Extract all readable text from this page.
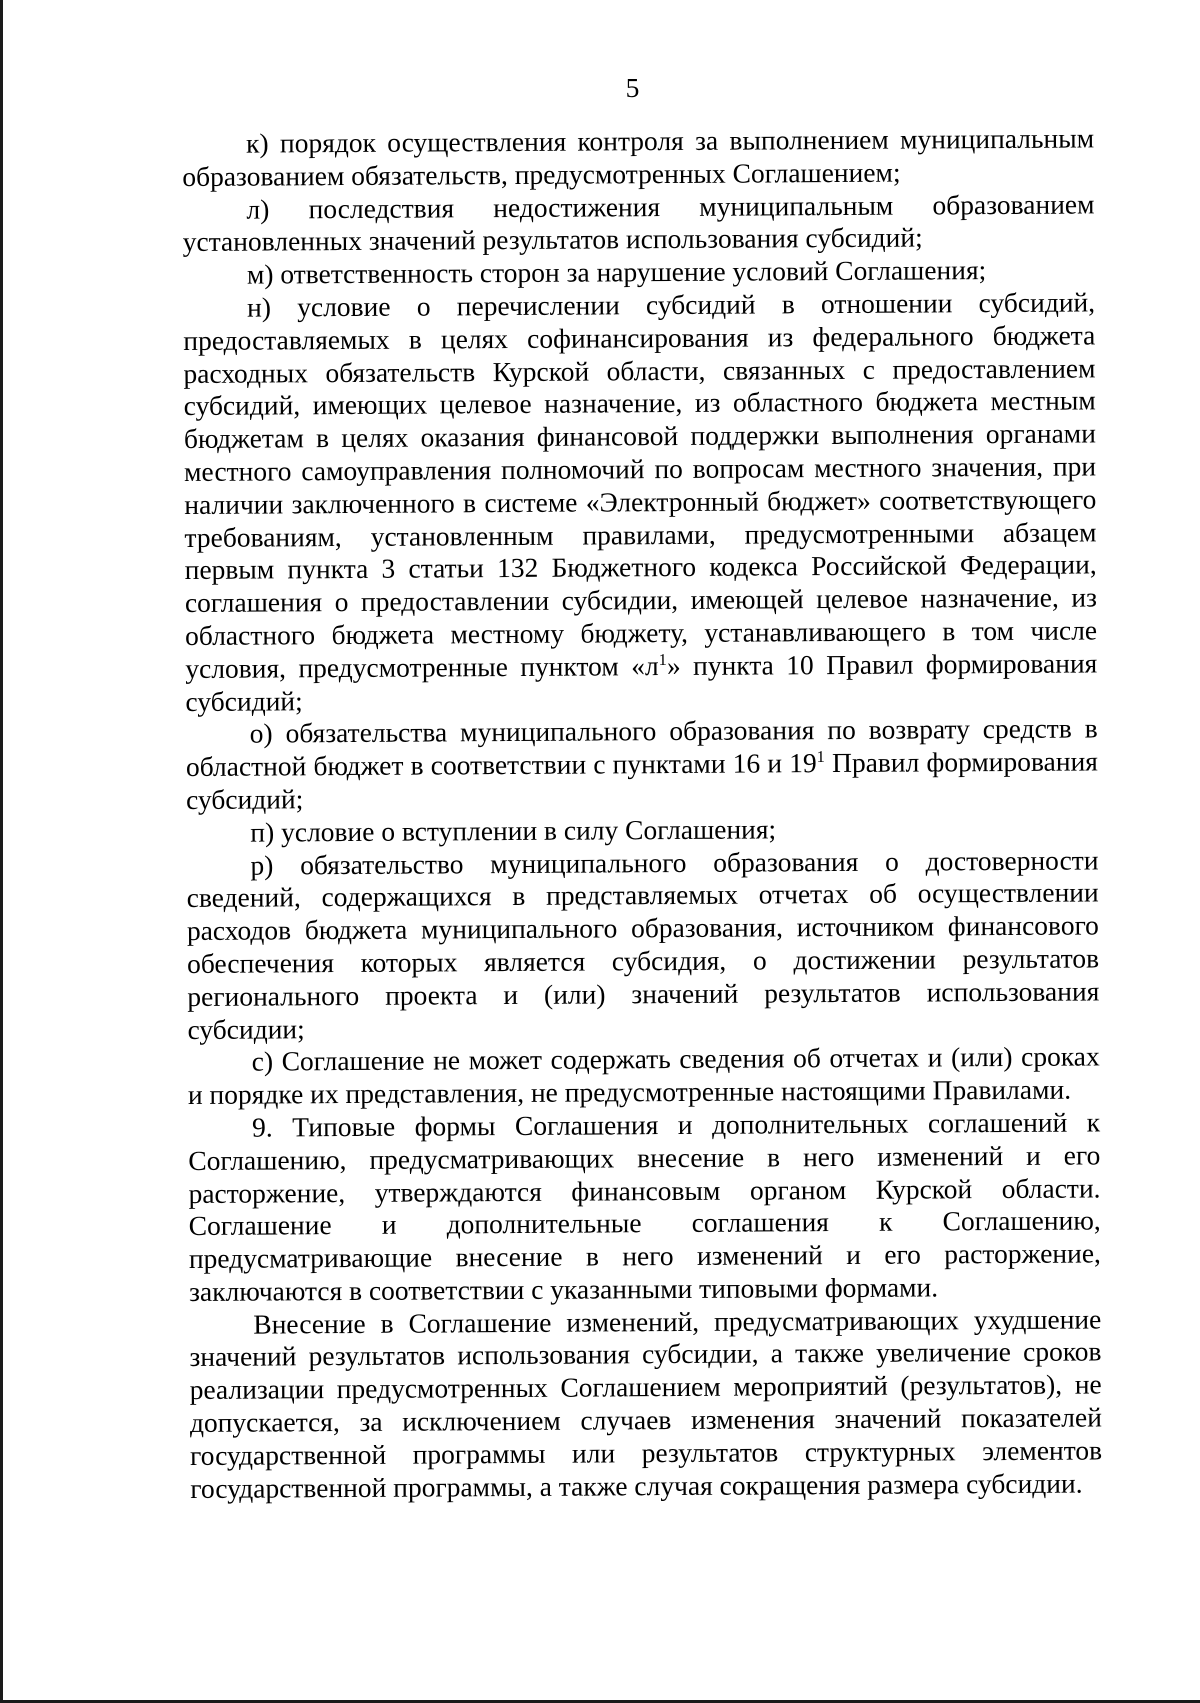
5

к) порядок осуществления контроля за выполнением муниципальным образованием обязательств, предусмотренных Соглашением;

л) последствия недостижения муниципальным образованием установленных значений результатов использования субсидий;

м) ответственность сторон за нарушение условий Соглашения;

н) условие о перечислении субсидий в отношении субсидий, предоставляемых в целях софинансирования из федерального бюджета расходных обязательств Курской области, связанных с предоставлением субсидий, имеющих целевое назначение, из областного бюджета местным бюджетам в целях оказания финансовой поддержки выполнения органами местного самоуправления полномочий по вопросам местного значения, при наличии заключенного в системе «Электронный бюджет» соответствующего требованиям, установленным правилами, предусмотренными абзацем первым пункта 3 статьи 132 Бюджетного кодекса Российской Федерации, соглашения о предоставлении субсидии, имеющей целевое назначение, из областного бюджета местному бюджету, устанавливающего в том числе условия, предусмотренные пунктом «$л^1$» пункта 10 Правил формирования субсидий;

о) обязательства муниципального образования по возврату средств в областной бюджет в соответствии с пунктами 16 и $19^1$ Правил формирования субсидий;

п) условие о вступлении в силу Соглашения;

р) обязательство муниципального образования о достоверности сведений, содержащихся в представляемых отчетах об осуществлении расходов бюджета муниципального образования, источником финансового обеспечения которых является субсидия, о достижении результатов регионального проекта и (или) значений результатов использования субсидии;

с) Соглашение не может содержать сведения об отчетах и (или) сроках и порядке их представления, не предусмотренные настоящими Правилами.

9. Типовые формы Соглашения и дополнительных соглашений к Соглашению, предусматривающих внесение в него изменений и его расторжение, утверждаются финансовым органом Курской области. Соглашение и дополнительные соглашения к Соглашению, предусматривающие внесение в него изменений и его расторжение, заключаются в соответствии с указанными типовыми формами.

Внесение в Соглашение изменений, предусматривающих ухудшение значений результатов использования субсидии, а также увеличение сроков реализации предусмотренных Соглашением мероприятий (результатов), не допускается, за исключением случаев изменения значений показателей государственной программы или результатов структурных элементов государственной программы, а также случая сокращения размера субсидии.
